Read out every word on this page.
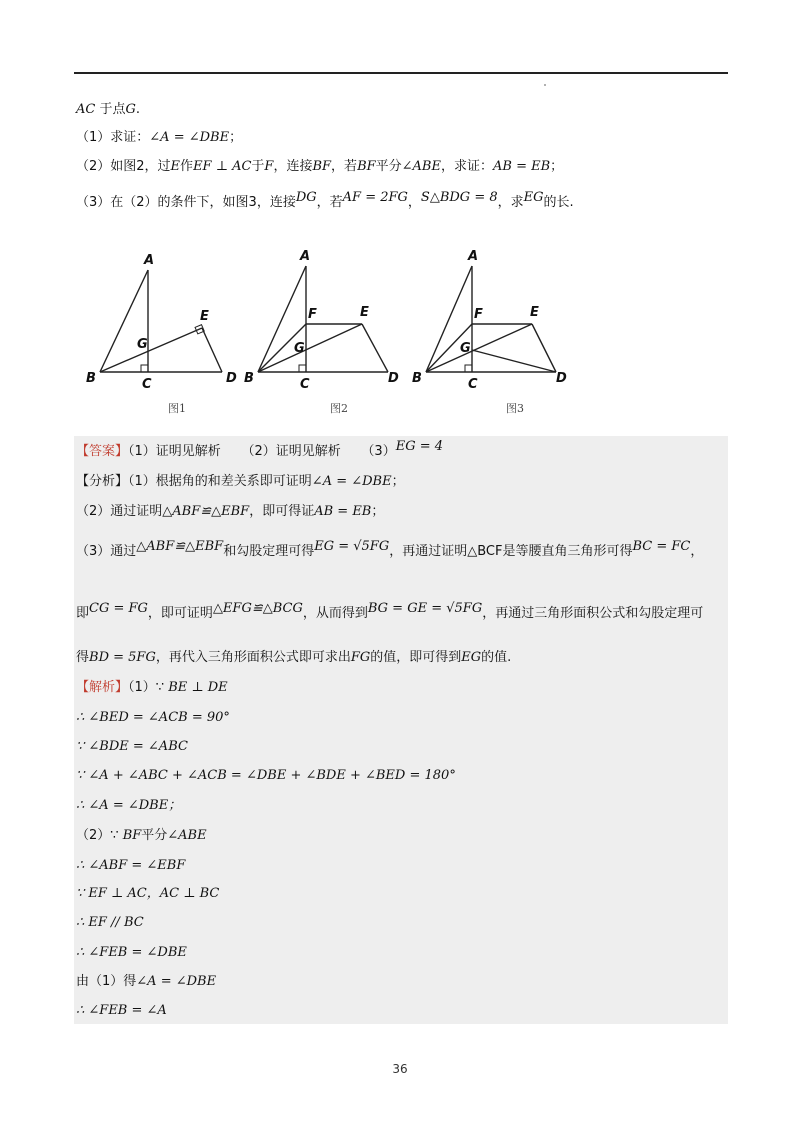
AC 于点G.
（1）求证：∠A = ∠DBE；
（2）如图2，过E作EF ⊥ AC于F，连接BF，若BF平分∠ABE，求证：AB = EB；
（3）在（2）的条件下，如图3，连接DG，若AF = 2FG，S△BDG = 8，求EG的长.
A
E
G
B	C	D
图1
A
F	E
G
B	C	D
图2
A
F	E
G
B	C	D
图3
【答案】（1）证明见解析 （2）证明见解析 （3）EG = 4
【分析】（1）根据角的和差关系即可证明∠A = ∠DBE；
（2）通过证明△ABF≌△EBF，即可得证AB = EB；
（3）通过△ABF≌△EBF和勾股定理可得EG = √5FG，再通过证明△BCF是等腰直角三角形可得BC = FC，
即CG = FG，即可证明△EFG≌△BCG，从而得到BG = GE = √5FG，再通过三角形面积公式和勾股定理可
得BD = 5FG，再代入三角形面积公式即可求出FG的值，即可得到EG的值.
【解析】（1）∵ BE ⊥ DE
∴ ∠BED = ∠ACB = 90°
∵ ∠BDE = ∠ABC
∵ ∠A + ∠ABC + ∠ACB = ∠DBE + ∠BDE + ∠BED = 180°
∴ ∠A = ∠DBE；
（2）∵ BF平分∠ABE
∴ ∠ABF = ∠EBF
∵ EF ⊥ AC，AC ⊥ BC
∴ EF // BC
∴ ∠FEB = ∠DBE
由（1）得∠A = ∠DBE
∴ ∠FEB = ∠A
36
